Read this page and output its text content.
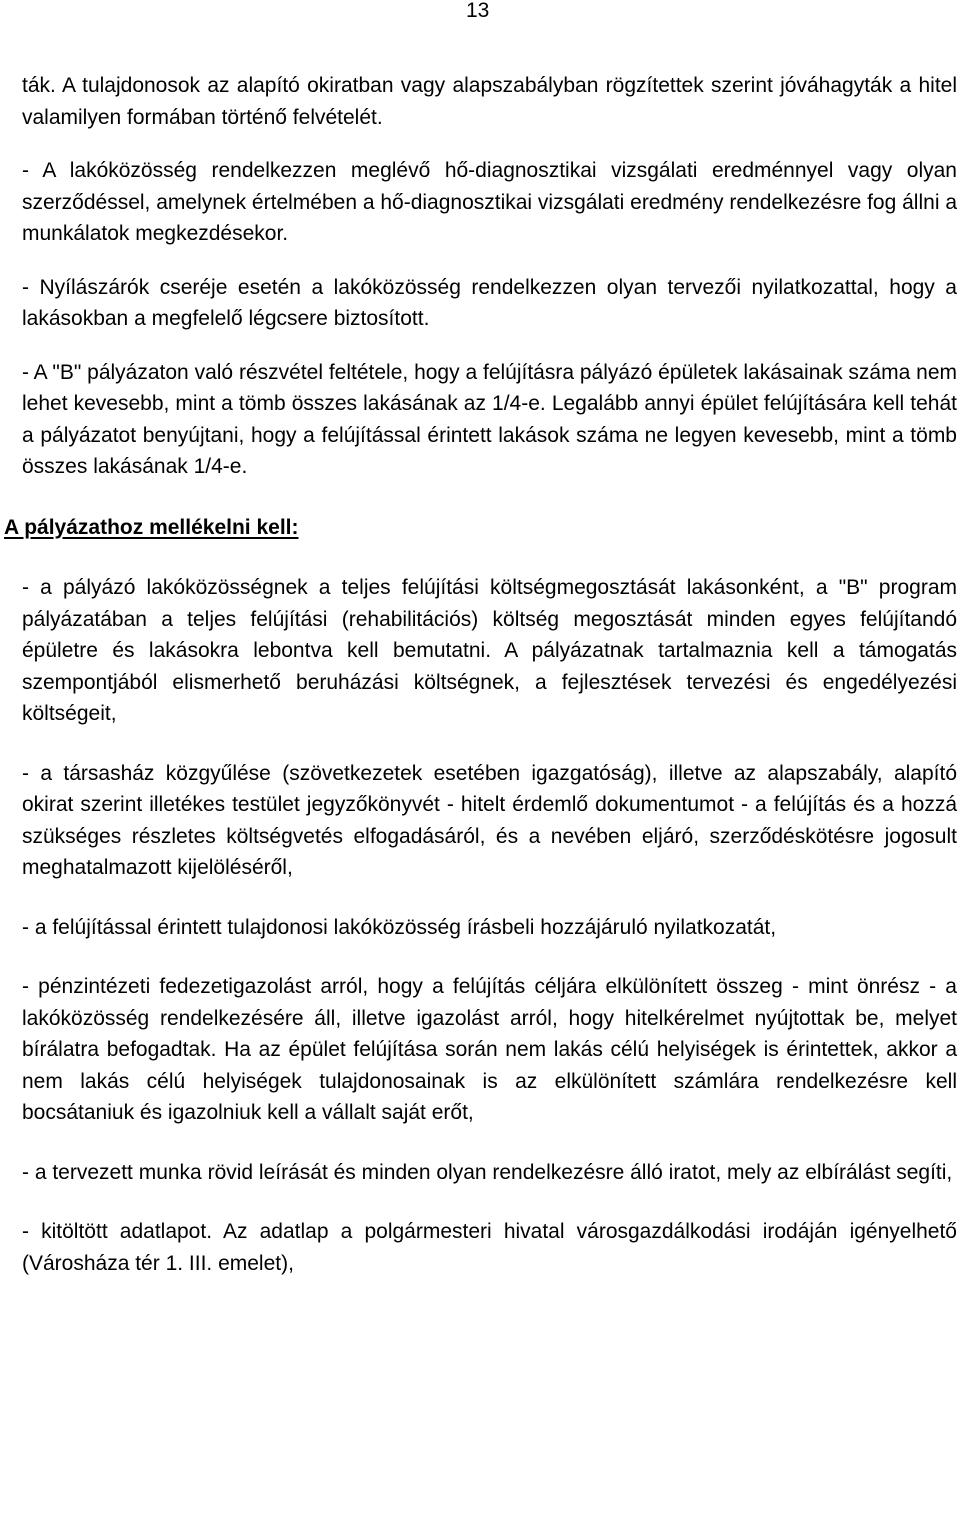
13

ták. A tulajdonosok az alapító okiratban vagy alapszabályban rögzítettek szerint jóváhagyták a hitel valamilyen formában történő felvételét.

- A lakóközösség rendelkezzen meglévő hő-diagnosztikai vizsgálati eredménnyel vagy olyan szerződéssel, amelynek értelmében a hő-diagnosztikai vizsgálati eredmény rendelkezésre fog állni a munkálatok megkezdésekor.

- Nyílászárók cseréje esetén a lakóközösség rendelkezzen olyan tervezői nyilatkozattal, hogy a lakásokban a megfelelő légcsere biztosított.

- A "B" pályázaton való részvétel feltétele, hogy a felújításra pályázó épületek lakásainak száma nem lehet kevesebb, mint a tömb összes lakásának az 1/4-e. Legalább annyi épület felújítására kell tehát a pályázatot benyújtani, hogy a felújítással érintett lakások száma ne legyen kevesebb, mint a tömb összes lakásának 1/4-e.

A pályázathoz mellékelni kell:

- a pályázó lakóközösségnek a teljes felújítási költségmegosztását lakásonként, a "B" program pályázatában a teljes felújítási (rehabilitációs) költség megosztását minden egyes felújítandó épületre és lakásokra lebontva kell bemutatni. A pályázatnak tartalmaznia kell a támogatás szempontjából elismerhető beruházási költségnek, a fejlesztések tervezési és engedélyezési költségeit,

- a társasház közgyűlése (szövetkezetek esetében igazgatóság), illetve az alapszabály, alapító okirat szerint illetékes testület jegyzőkönyvét - hitelt érdemlő dokumentumot - a felújítás és a hozzá szükséges részletes költségvetés elfogadásáról, és a nevében eljáró, szerződéskötésre jogosult meghatalmazott kijelöléséről,

- a felújítással érintett tulajdonosi lakóközösség írásbeli hozzájáruló nyilatkozatát,

- pénzintézeti fedezetigazolást arról, hogy a felújítás céljára elkülönített összeg - mint önrész - a lakóközösség rendelkezésére áll, illetve igazolást arról, hogy hitelkérelmet nyújtottak be, melyet bírálatra befogadtak. Ha az épület felújítása során nem lakás célú helyiségek is érintettek, akkor a nem lakás célú helyiségek tulajdonosainak is az elkülönített számlára rendelkezésre kell bocsátaniuk és igazolniuk kell a vállalt saját erőt,

- a tervezett munka rövid leírását és minden olyan rendelkezésre álló iratot, mely az elbírálást segíti,

- kitöltött adatlapot. Az adatlap a polgármesteri hivatal városgazdálkodási irodáján igényelhető (Városháza tér 1. III. emelet),
